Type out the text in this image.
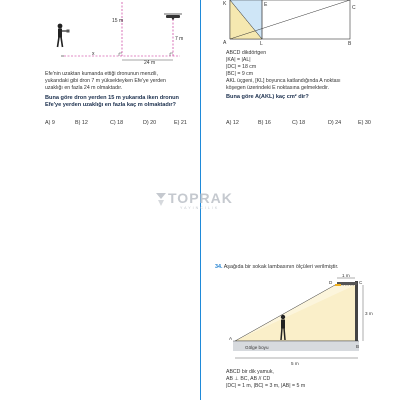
15 m
7 m
24 m
x
Efe'nin uzaktan kumanda ettiği dronunun menzili,
yukarıdaki gibi dron 7 m yüksekteyken Efe'ye yerden
uzaklığı en fazla 24 m olmaktadır.
Buna göre dron yerden 15 m yukarıda iken dronun
Efe'ye yerden uzaklığı en fazla kaç m olmaktadır?
A) 9	B) 12	C) 18	D) 20	E) 21
K
A	L	B
E	C
ABCD dikdörtgen
|KA| = |AL|
|DC| = 18 cm
|BC| = 9 cm
AKL üçgeni, [KL] boyunca katlandığında A noktası
köşegen üzerindeki E noktasına gelmektedir.
Buna göre A(AKL) kaç cm² dir?
A) 12	B) 16	C) 18	D) 24	E) 30
TOPRAK
YAYINCILIK
34. Aşağıda bir sokak lambasının ölçüleri verilmiştir.
1 m
3 m
5 m
Gölge boyu
A
B
C
D
ABCD bir dik yamuk,
AB ⊥ BC, AB // CD
|DC| = 1 m, |BC| = 3 m, |AB| = 5 m
